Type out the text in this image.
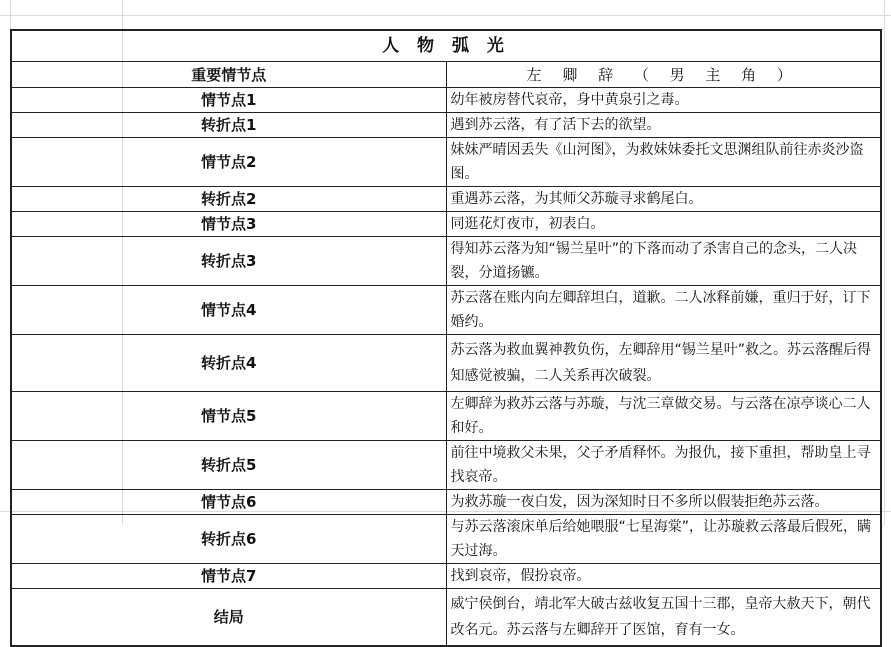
人 物 弧 光	
重要情节点	左 卿 辞 （ 男 主 角 ）
情节点1	幼年被房替代哀帝，身中黄泉引之毒。
转折点1	遇到苏云落，有了活下去的欲望。
情节点2	妹妹严晴因丢失《山河图》，为救妹妹委托文思渊组队前往赤炎沙盗图。
转折点2	重遇苏云落，为其师父苏璇寻求鹤尾白。
情节点3	同逛花灯夜市，初表白。
转折点3	得知苏云落为知“锡兰星叶”的下落而动了杀害自己的念头，二人决裂，分道扬镳。
情节点4	苏云落在账内向左卿辞坦白，道歉。二人冰释前嫌，重归于好，订下婚约。
转折点4	苏云落为救血翼神教负伤，左卿辞用“锡兰星叶”救之。苏云落醒后得知感觉被骗，二人关系再次破裂。
情节点5	左卿辞为救苏云落与苏璇，与沈三章做交易。与云落在凉亭谈心二人和好。
转折点5	前往中境救父未果，父子矛盾释怀。为报仇，接下重担，帮助皇上寻找哀帝。
情节点6	为救苏璇一夜白发，因为深知时日不多所以假装拒绝苏云落。
转折点6	与苏云落滚床单后给她喂服“七星海棠”，让苏璇救云落最后假死，瞒天过海。
情节点7	找到哀帝，假扮哀帝。
结局	威宁侯倒台，靖北军大破古兹收复五国十三郡，皇帝大赦天下，朝代改名元。苏云落与左卿辞开了医馆，育有一女。
